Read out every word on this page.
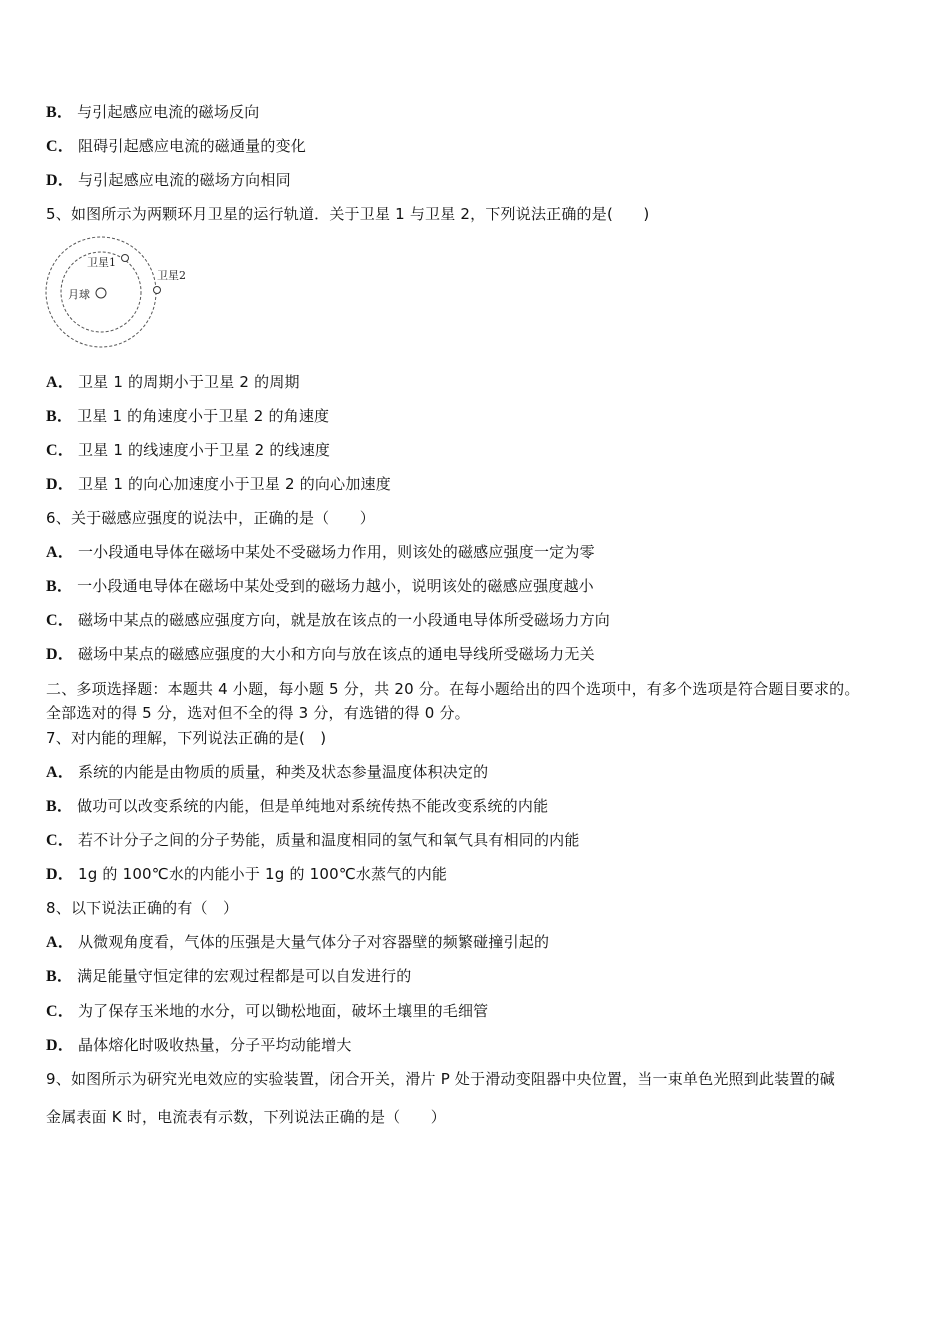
B． 与引起感应电流的磁场反向
C． 阻碍引起感应电流的磁通量的变化
D． 与引起感应电流的磁场方向相同
5、如图所示为两颗环月卫星的运行轨道．关于卫星 1 与卫星 2，下列说法正确的是(　　)
月球
卫星1
卫星2
A． 卫星 1 的周期小于卫星 2 的周期
B． 卫星 1 的角速度小于卫星 2 的角速度
C． 卫星 1 的线速度小于卫星 2 的线速度
D． 卫星 1 的向心加速度小于卫星 2 的向心加速度
6、关于磁感应强度的说法中，正确的是（　　）
A． 一小段通电导体在磁场中某处不受磁场力作用，则该处的磁感应强度一定为零
B． 一小段通电导体在磁场中某处受到的磁场力越小，说明该处的磁感应强度越小
C． 磁场中某点的磁感应强度方向，就是放在该点的一小段通电导体所受磁场力方向
D． 磁场中某点的磁感应强度的大小和方向与放在该点的通电导线所受磁场力无关
二、多项选择题：本题共 4 小题，每小题 5 分，共 20 分。在每小题给出的四个选项中，有多个选项是符合题目要求的。
全部选对的得 5 分，选对但不全的得 3 分，有选错的得 0 分。
7、对内能的理解，下列说法正确的是(　)
A． 系统的内能是由物质的质量，种类及状态参量温度体积决定的
B． 做功可以改变系统的内能，但是单纯地对系统传热不能改变系统的内能
C． 若不计分子之间的分子势能，质量和温度相同的氢气和氧气具有相同的内能
D． 1g 的 100℃水的内能小于 1g 的 100℃水蒸气的内能
8、以下说法正确的有（　）
A． 从微观角度看，气体的压强是大量气体分子对容器壁的频繁碰撞引起的
B． 满足能量守恒定律的宏观过程都是可以自发进行的
C． 为了保存玉米地的水分，可以锄松地面，破坏土壤里的毛细管
D． 晶体熔化时吸收热量，分子平均动能增大
9、如图所示为研究光电效应的实验装置，闭合开关，滑片 P 处于滑动变阻器中央位置，当一束单色光照到此装置的碱
金属表面 K 时，电流表有示数，下列说法正确的是（　　）
